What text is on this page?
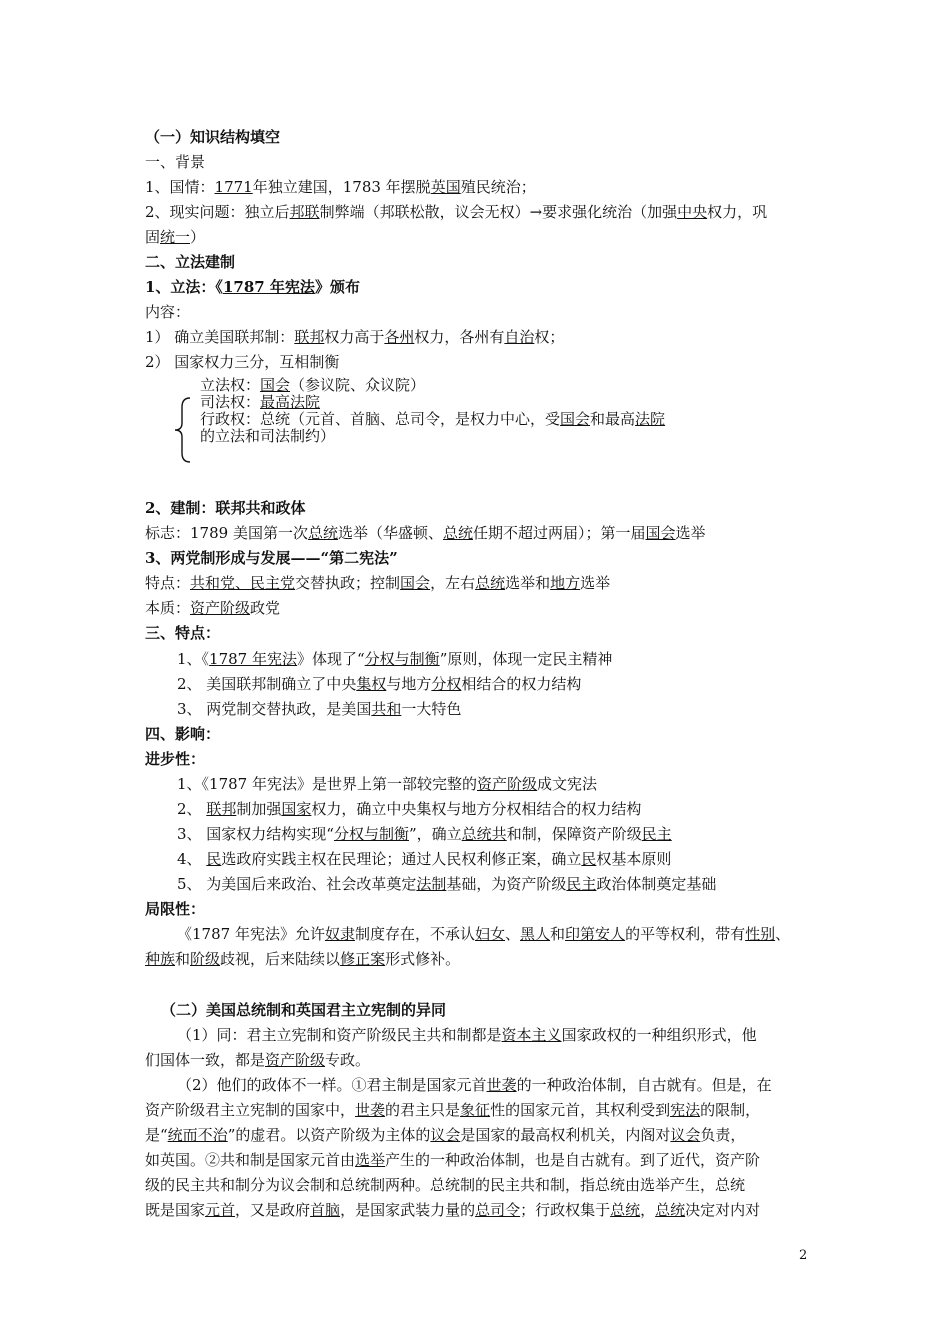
（一）知识结构填空
一、背景
1、国情：1771年独立建国，1783 年摆脱英国殖民统治；
2、现实问题：独立后邦联制弊端（邦联松散，议会无权）→要求强化统治（加强中央权力，巩
固统一）
二、立法建制
1、立法：《1787 年宪法》颁布
内容：
1） 确立美国联邦制：联邦权力高于各州权力，各州有自治权；
2） 国家权力三分，互相制衡
立法权：国会（参议院、众议院）
司法权：最高法院
行政权：总统（元首、首脑、总司令，是权力中心，受国会和最高法院
的立法和司法制约）
2、建制：联邦共和政体
标志：1789 美国第一次总统选举（华盛顿、总统任期不超过两届）；第一届国会选举
3、两党制形成与发展——“第二宪法”
特点：共和党、民主党交替执政；控制国会，左右总统选举和地方选举
本质：资产阶级政党
三、特点：
1、《1787 年宪法》体现了“分权与制衡”原则，体现一定民主精神
2、 美国联邦制确立了中央集权与地方分权相结合的权力结构
3、 两党制交替执政，是美国共和一大特色
四、影响：
进步性：
1、《1787 年宪法》是世界上第一部较完整的资产阶级成文宪法
2、 联邦制加强国家权力，确立中央集权与地方分权相结合的权力结构
3、 国家权力结构实现“分权与制衡”，确立总统共和制，保障资产阶级民主
4、 民选政府实践主权在民理论；通过人民权利修正案，确立民权基本原则
5、 为美国后来政治、社会改革奠定法制基础，为资产阶级民主政治体制奠定基础
局限性：
《1787 年宪法》允许奴隶制度存在，不承认妇女、黑人和印第安人的平等权利，带有性别、
种族和阶级歧视，后来陆续以修正案形式修补。
（二）美国总统制和英国君主立宪制的异同
（1）同：君主立宪制和资产阶级民主共和制都是资本主义国家政权的一种组织形式，他
们国体一致，都是资产阶级专政。
（2）他们的政体不一样。①君主制是国家元首世袭的一种政治体制，自古就有。但是，在
资产阶级君主立宪制的国家中，世袭的君主只是象征性的国家元首，其权利受到宪法的限制，
是“统而不治”的虚君。以资产阶级为主体的议会是国家的最高权利机关，内阁对议会负责，
如英国。②共和制是国家元首由选举产生的一种政治体制，也是自古就有。到了近代，资产阶
级的民主共和制分为议会制和总统制两种。总统制的民主共和制，指总统由选举产生，总统
既是国家元首，又是政府首脑，是国家武装力量的总司令；行政权集于总统，总统决定对内对
2
